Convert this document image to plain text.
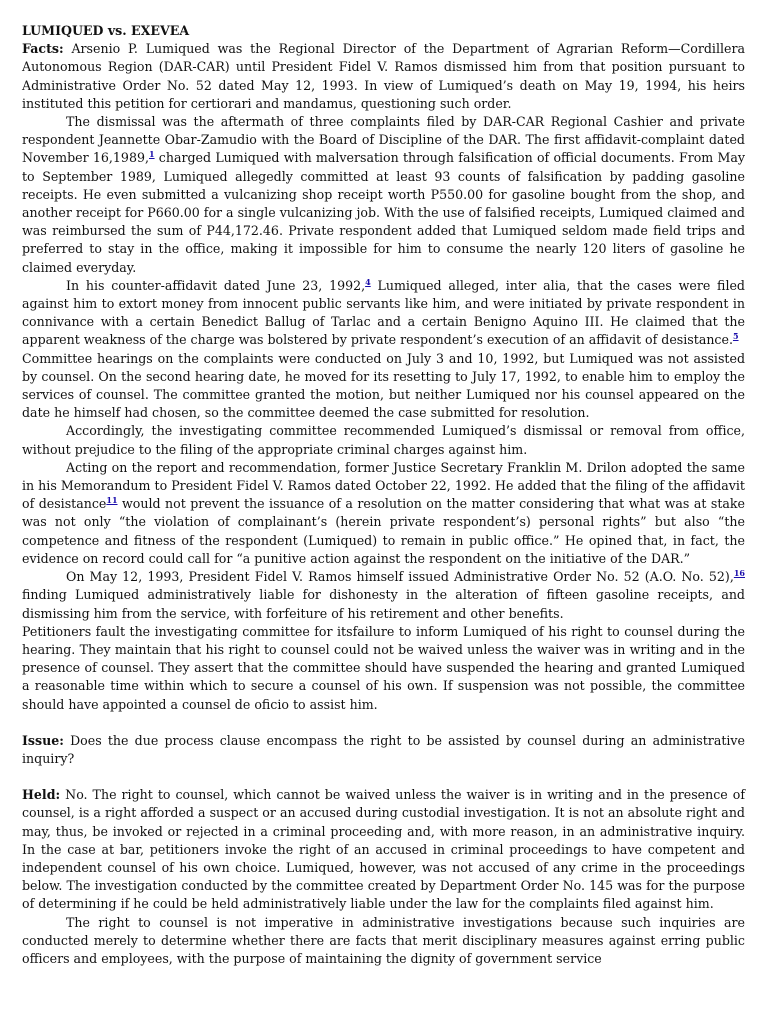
LUMIQUED vs. EXEVEA

Facts: Arsenio P. Lumiqued was the Regional Director of the Department of Agrarian Reform—Cordillera Autonomous Region (DAR-CAR) until President Fidel V. Ramos dismissed him from that position pursuant to Administrative Order No. 52 dated May 12, 1993. In view of Lumiqued’s death on May 19, 1994, his heirs instituted this petition for certiorari and mandamus, questioning such order.

The dismissal was the aftermath of three complaints filed by DAR-CAR Regional Cashier and private respondent Jeannette Obar-Zamudio with the Board of Discipline of the DAR. The first affidavit-complaint dated November 16,1989,$^1$ charged Lumiqued with malversation through falsification of official documents. From May to September 1989, Lumiqued allegedly committed at least 93 counts of falsification by padding gasoline receipts. He even submitted a vulcanizing shop receipt worth P550.00 for gasoline bought from the shop, and another receipt for P660.00 for a single vulcanizing job. With the use of falsified receipts, Lumiqued claimed and was reimbursed the sum of P44,172.46. Private respondent added that Lumiqued seldom made field trips and preferred to stay in the office, making it impossible for him to consume the nearly 120 liters of gasoline he claimed everyday.

In his counter-affidavit dated June 23, 1992,$^4$ Lumiqued alleged, inter alia, that the cases were filed against him to extort money from innocent public servants like him, and were initiated by private respondent in connivance with a certain Benedict Ballug of Tarlac and a certain Benigno Aquino III. He claimed that the apparent weakness of the charge was bolstered by private respondent’s execution of an affidavit of desistance.$^5$

Committee hearings on the complaints were conducted on July 3 and 10, 1992, but Lumiqued was not assisted by counsel. On the second hearing date, he moved for its resetting to July 17, 1992, to enable him to employ the services of counsel. The committee granted the motion, but neither Lumiqued nor his counsel appeared on the date he himself had chosen, so the committee deemed the case submitted for resolution.

Accordingly, the investigating committee recommended Lumiqued’s dismissal or removal from office, without prejudice to the filing of the appropriate criminal charges against him.

Acting on the report and recommendation, former Justice Secretary Franklin M. Drilon adopted the same in his Memorandum to President Fidel V. Ramos dated October 22, 1992. He added that the filing of the affidavit of desistance$^{11}$ would not prevent the issuance of a resolution on the matter considering that what was at stake was not only “the violation of complainant’s (herein private respondent’s) personal rights” but also “the competence and fitness of the respondent (Lumiqued) to remain in public office.” He opined that, in fact, the evidence on record could call for “a punitive action against the respondent on the initiative of the DAR.”

On May 12, 1993, President Fidel V. Ramos himself issued Administrative Order No. 52 (A.O. No. 52),$^{16}$ finding Lumiqued administratively liable for dishonesty in the alteration of fifteen gasoline receipts, and dismissing him from the service, with forfeiture of his retirement and other benefits.

Petitioners fault the investigating committee for itsfailure to inform Lumiqued of his right to counsel during the hearing. They maintain that his right to counsel could not be waived unless the waiver was in writing and in the presence of counsel. They assert that the committee should have suspended the hearing and granted Lumiqued a reasonable time within which to secure a counsel of his own. If suspension was not possible, the committee should have appointed a counsel de oficio to assist him.

Issue: Does the due process clause encompass the right to be assisted by counsel during an administrative inquiry?

Held: No. The right to counsel, which cannot be waived unless the waiver is in writing and in the presence of counsel, is a right afforded a suspect or an accused during custodial investigation. It is not an absolute right and may, thus, be invoked or rejected in a criminal proceeding and, with more reason, in an administrative inquiry. In the case at bar, petitioners invoke the right of an accused in criminal proceedings to have competent and independent counsel of his own choice. Lumiqued, however, was not accused of any crime in the proceedings below. The investigation conducted by the committee created by Department Order No. 145 was for the purpose of determining if he could be held administratively liable under the law for the complaints filed against him.

The right to counsel is not imperative in administrative investigations because such inquiries are conducted merely to determine whether there are facts that merit disciplinary measures against erring public officers and employees, with the purpose of maintaining the dignity of government service
